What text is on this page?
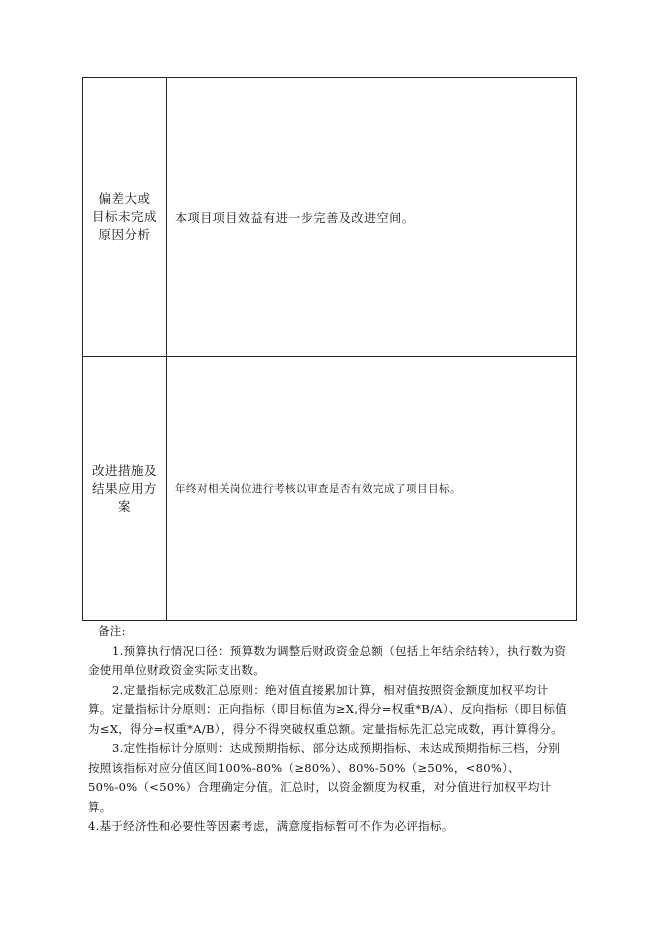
偏差大或
目标未完成
原因分析
本项目项目效益有进一步完善及改进空间。
改进措施及
结果应用方
案
年终对相关岗位进行考核以审查是否有效完成了项目目标。

备注:

1.预算执行情况口径：预算数为调整后财政资金总额（包括上年结余结转），执行数为资金使用单位财政资金实际支出数。

2.定量指标完成数汇总原则：绝对值直接累加计算，相对值按照资金额度加权平均计算。定量指标计分原则：正向指标（即目标值为≥X,得分=权重*B/A）、反向指标（即目标值为≤X，得分=权重*A/B），得分不得突破权重总额。定量指标先汇总完成数，再计算得分。

3.定性指标计分原则：达成预期指标、部分达成预期指标、未达成预期指标三档，分别按照该指标对应分值区间100%-80%（≥80%）、80%-50%（≥50%，<80%）、50%-0%（<50%）合理确定分值。汇总时，以资金额度为权重，对分值进行加权平均计算。

4.基于经济性和必要性等因素考虑，满意度指标暂可不作为必评指标。
